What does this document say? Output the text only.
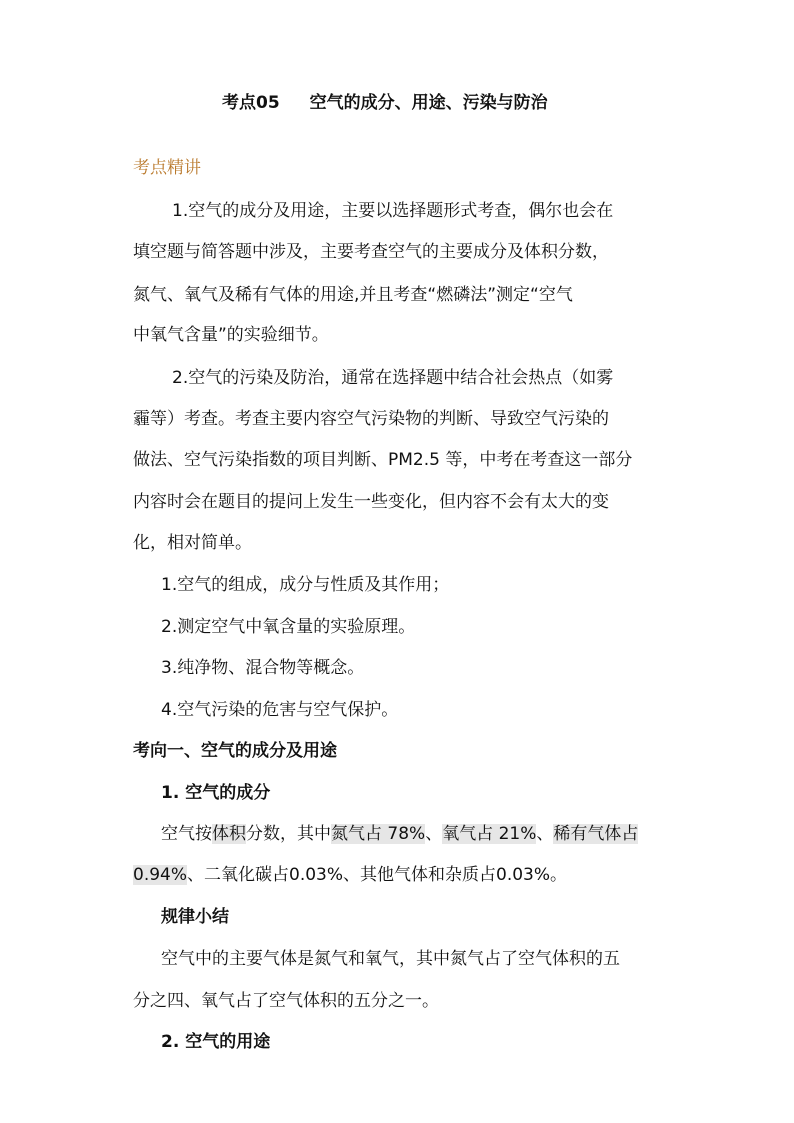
考点05 空气的成分、用途、污染与防治
考点精讲
1.空气的成分及用途，主要以选择题形式考查，偶尔也会在
填空题与简答题中涉及，主要考查空气的主要成分及体积分数，
氮气、氧气及稀有气体的用途,并且考查“燃磷法”测定“空气
中氧气含量”的实验细节。
2.空气的污染及防治，通常在选择题中结合社会热点（如雾
霾等）考查。考查主要内容空气污染物的判断、导致空气污染的
做法、空气污染指数的项目判断、PM2.5 等，中考在考查这一部分
内容时会在题目的提问上发生一些变化，但内容不会有太大的变
化，相对简单。
1.空气的组成，成分与性质及其作用；
2.测定空气中氧含量的实验原理。
3.纯净物、混合物等概念。
4.空气污染的危害与空气保护。
考向一、空气的成分及用途
1. 空气的成分
空气按体积分数，其中氮气占 78%、氧气占 21%、稀有气体占
0.94%、二氧化碳占0.03%、其他气体和杂质占0.03%。
规律小结
空气中的主要气体是氮气和氧气，其中氮气占了空气体积的五
分之四、氧气占了空气体积的五分之一。
2. 空气的用途
